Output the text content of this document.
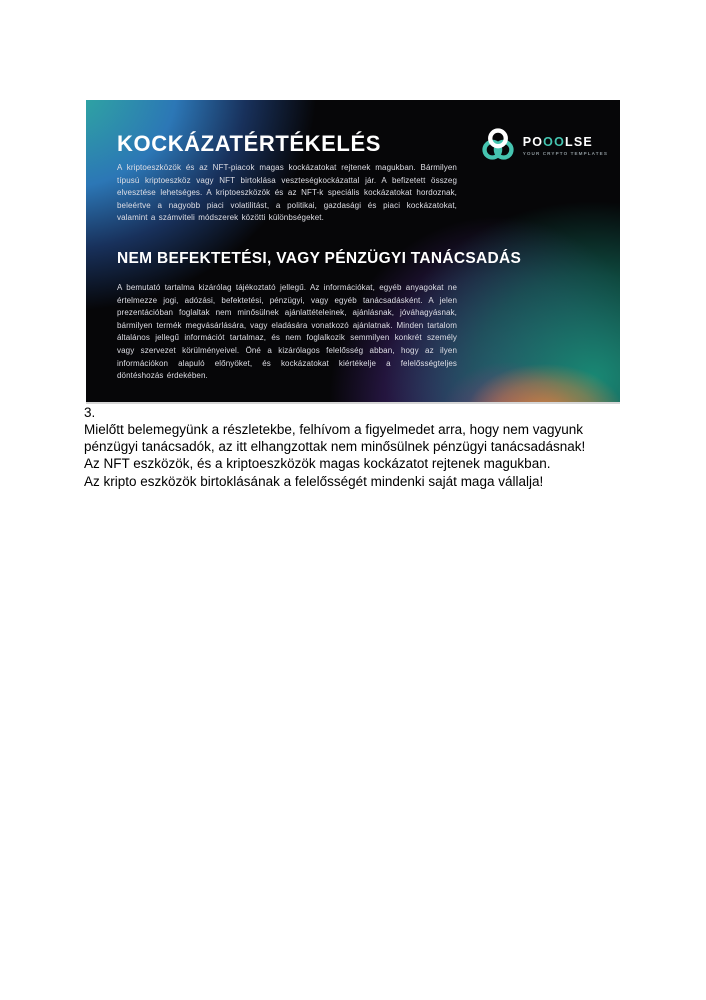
KOCKÁZATÉRTÉKELÉS	POOOLSE
YOUR CRYPTO TEMPLATES
A kriptoeszközök és az NFT-piacok magas kockázatokat rejtenek magukban. Bármilyen típusú kriptoeszköz vagy NFT birtoklása veszteségkockázattal jár. A befizetett összeg elvesztése lehetséges. A kriptoeszközök és az NFT-k speciális kockázatokat hordoznak, beleértve a nagyobb piaci volatilitást, a politikai, gazdasági és piaci kockázatokat, valamint a számviteli módszerek közötti különbségeket.
NEM BEFEKTETÉSI, VAGY PÉNZÜGYI TANÁCSADÁS
A bemutató tartalma kizárólag tájékoztató jellegű. Az információkat, egyéb anyagokat ne értelmezze jogi, adózási, befektetési, pénzügyi, vagy egyéb tanácsadásként. A jelen prezentációban foglaltak nem minősülnek ajánlattételeinek, ajánlásnak, jóváhagyásnak, bármilyen termék megvásárlására, vagy eladására vonatkozó ajánlatnak. Minden tartalom általános jellegű információt tartalmaz, és nem foglalkozik semmilyen konkrét személy vagy szervezet körülményeivel. Öné a kizárólagos felelősség abban, hogy az ilyen információkon alapuló előnyöket, és kockázatokat kiértékelje a felelősségteljes döntéshozás érdekében.
3.
Mielőtt belemegyünk a részletekbe, felhívom a figyelmedet arra, hogy nem vagyunk
pénzügyi tanácsadók, az itt elhangzottak nem minősülnek pénzügyi tanácsadásnak!
Az NFT eszközök, és a kriptoeszközök magas kockázatot rejtenek magukban.
Az kripto eszközök birtoklásának a felelősségét mindenki saját maga vállalja!
